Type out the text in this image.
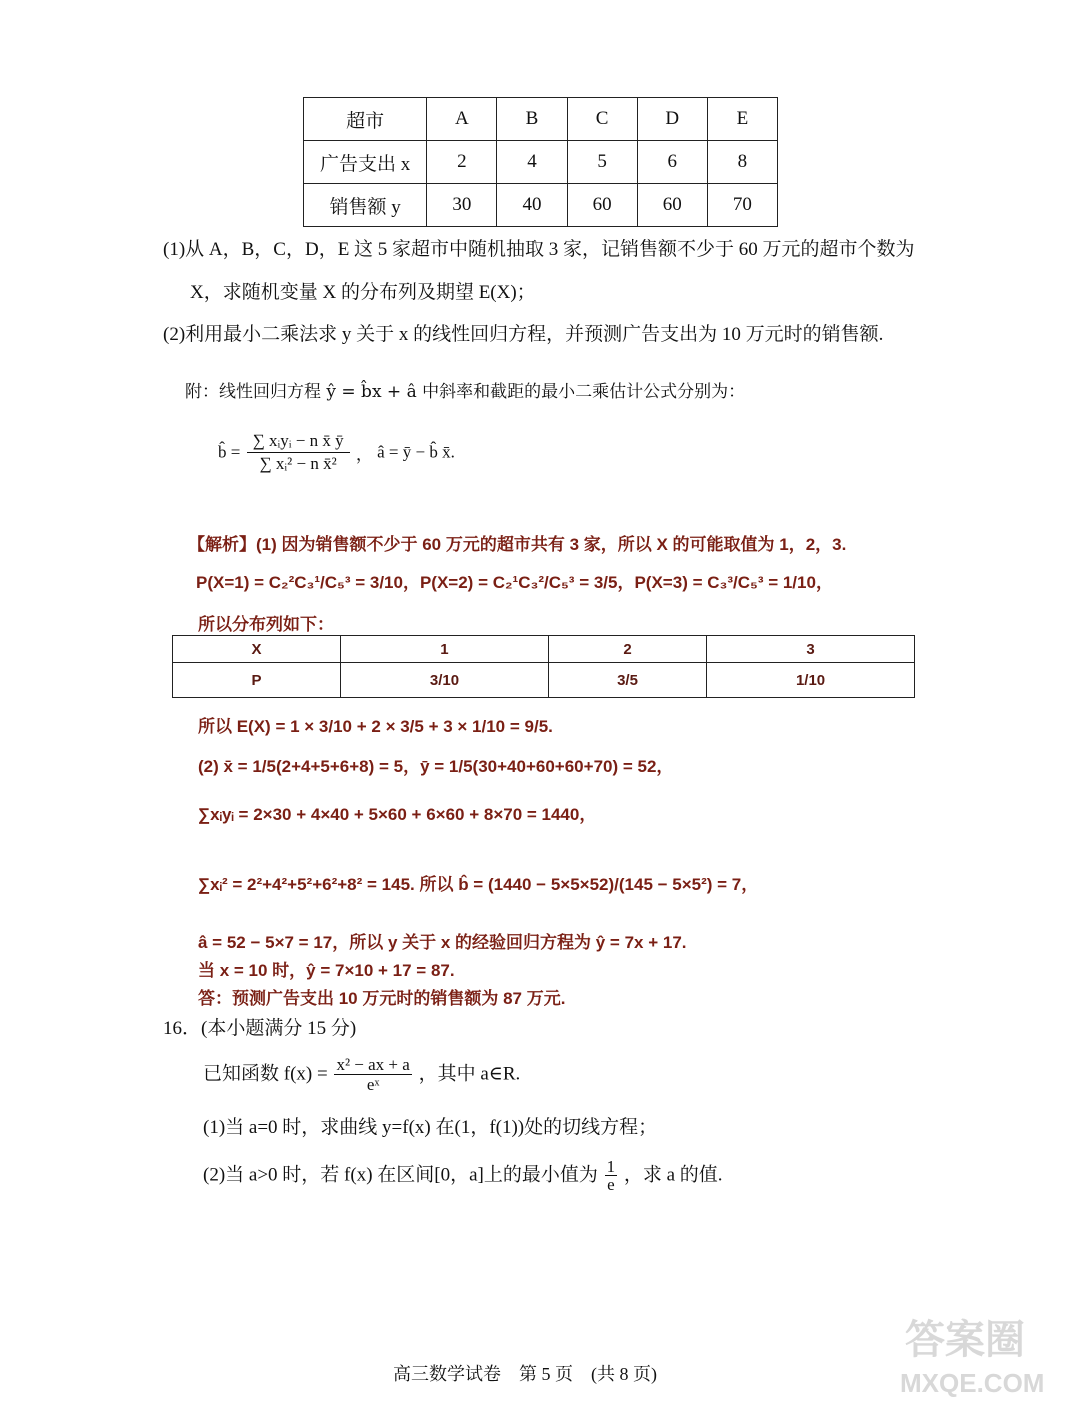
超市	A	B	C	D	E
广告支出 x	2	4	5	6	8
销售额 y	30	40	60	60	70
(1)从 A，B，C，D，E 这 5 家超市中随机抽取 3 家，记销售额不少于 60 万元的超市个数为
X，求随机变量 X 的分布列及期望 E(X)；
(2)利用最小二乘法求 y 关于 x 的线性回归方程，并预测广告支出为 10 万元时的销售额.
附：线性回归方程 ŷ = b̂x + â 中斜率和截距的最小二乘估计公式分别为：
b̂ = $\frac{\text{∑ xᵢyᵢ − n x̄ ȳ}}{\text{∑ xᵢ² − n x̄²}}$ ， â = ȳ − b̂ x̄.
【解析】(1) 因为销售额不少于 60 万元的超市共有 3 家，所以 X 的可能取值为 1，2，3.
P(X=1) = C₂²C₃¹/C₅³ = 3/10，P(X=2) = C₂¹C₃²/C₅³ = 3/5，P(X=3) = C₃³/C₅³ = 1/10，
所以分布列如下：
X	1	2	3
P	3/10	3/5	1/10
所以 E(X) = 1 × 3/10 + 2 × 3/5 + 3 × 1/10 = 9/5.
(2) x̄ = 1/5(2+4+5+6+8) = 5，ȳ = 1/5(30+40+60+60+70) = 52，
∑xᵢyᵢ = 2×30 + 4×40 + 5×60 + 6×60 + 8×70 = 1440，
∑xᵢ² = 2²+4²+5²+6²+8² = 145. 所以 b̂ = (1440 − 5×5×52)/(145 − 5×5²) = 7，
â = 52 − 5×7 = 17，所以 y 关于 x 的经验回归方程为 ŷ = 7x + 17.
当 x = 10 时，ŷ = 7×10 + 17 = 87.
答：预测广告支出 10 万元时的销售额为 87 万元.
16．(本小题满分 15 分)
已知函数 $f(x) = \frac{\text{x² − ax + a}}{\text{eˣ}}$ ，其中 a∈R.
(1)当 a=0 时，求曲线 y=f(x) 在(1，f(1))处的切线方程；
(2)当 a>0 时，若 f(x) 在区间[0，a]上的最小值为 $\frac{1}{e}$ ，求 a 的值.
高三数学试卷　第 5 页　(共 8 页)
答案圈
MXQE.COM
